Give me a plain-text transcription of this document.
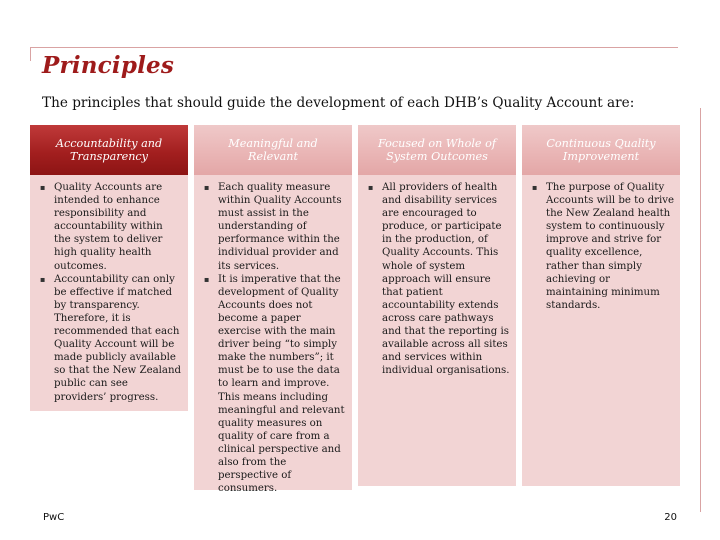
Principles

The principles that should guide the development of each DHB’s Quality Account are:

Accountability and Transparency
▪ Quality Accounts are intended to enhance responsibility and accountability within the system to deliver high quality health outcomes.
▪ Accountability can only be effective if matched by transparency. Therefore, it is recommended that each Quality Account will be made publicly available so that the New Zealand public can see providers’ progress.
Meaningful and Relevant
▪ Each quality measure within Quality Accounts must assist in the understanding of performance within the individual provider and its services.
▪ It is imperative that the development of Quality Accounts does not become a paper exercise with the main driver being “to simply make the numbers”; it must be to use the data to learn and improve. This means including meaningful and relevant quality measures on quality of care from a clinical perspective and also from the perspective of consumers.
Focused on Whole of System Outcomes
▪ All providers of health and disability services are encouraged to produce, or participate in the production, of Quality Accounts. This whole of system approach will ensure that patient accountability extends across care pathways and that the reporting is available across all sites and services within individual organisations.
Continuous Quality Improvement
▪ The purpose of Quality Accounts will be to drive the New Zealand health system to continuously improve and strive for quality excellence, rather than simply achieving or maintaining minimum standards.
PwC	20
